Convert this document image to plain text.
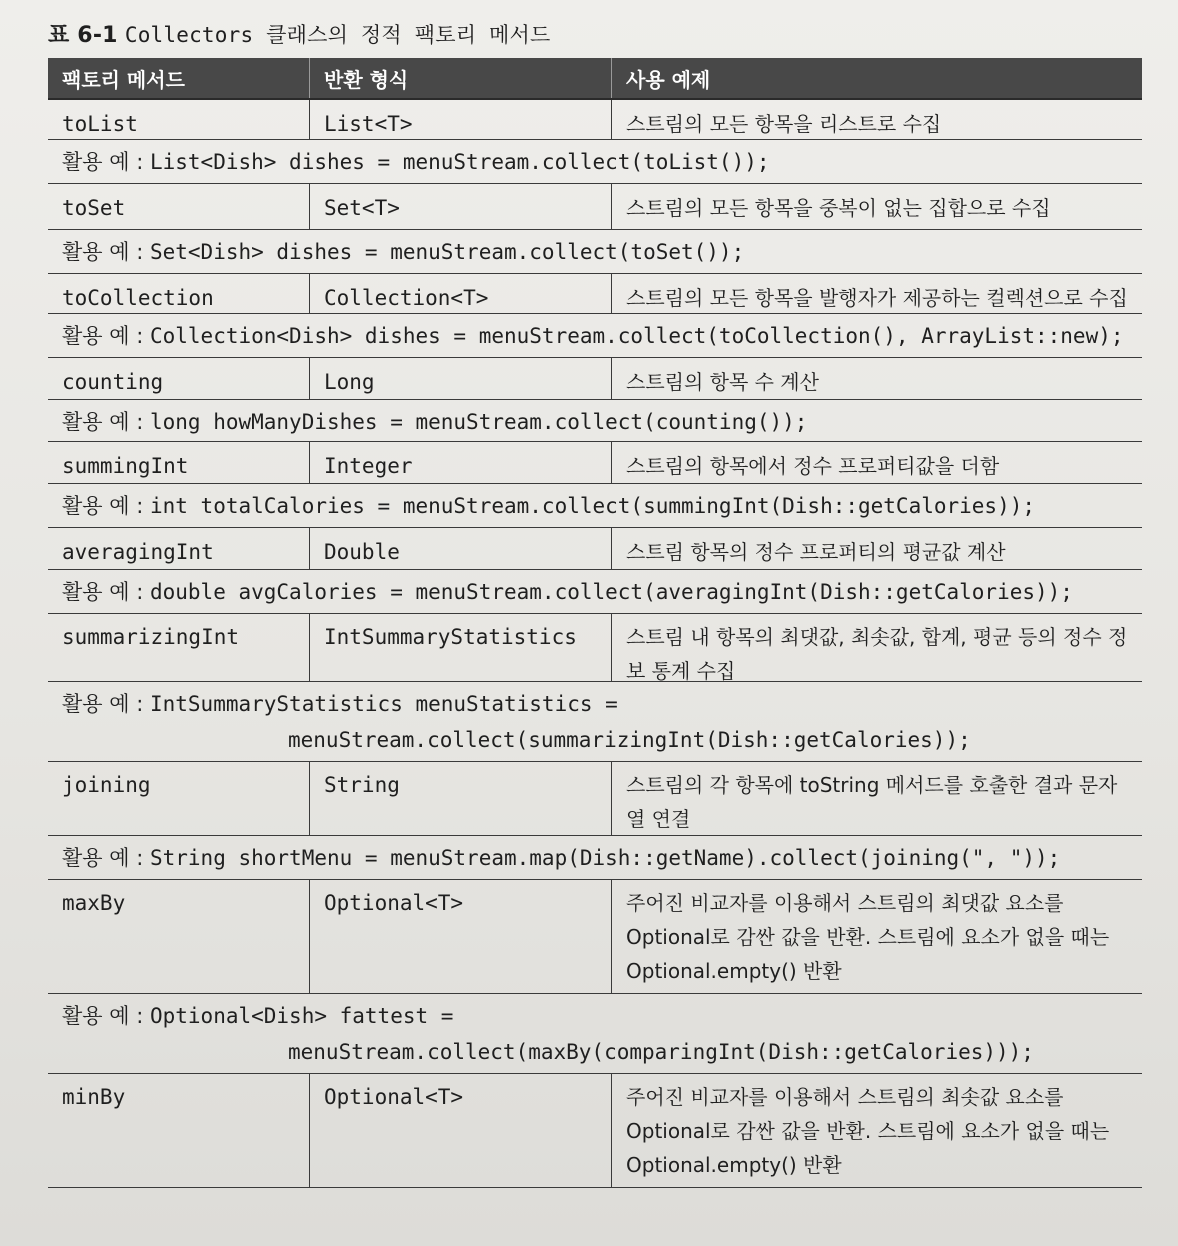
표 6-1 Collectors 클래스의 정적 팩토리 메서드
팩토리 메서드	반환 형식	사용 예제
toList	List<T>	스트림의 모든 항목을 리스트로 수집
활용 예 : List<Dish> dishes = menuStream.collect(toList());
toSet	Set<T>	스트림의 모든 항목을 중복이 없는 집합으로 수집
활용 예 : Set<Dish> dishes = menuStream.collect(toSet());
toCollection	Collection<T>	스트림의 모든 항목을 발행자가 제공하는 컬렉션으로 수집
활용 예 : Collection<Dish> dishes = menuStream.collect(toCollection(), ArrayList::new);
counting	Long	스트림의 항목 수 계산
활용 예 : long howManyDishes = menuStream.collect(counting());
summingInt	Integer	스트림의 항목에서 정수 프로퍼티값을 더함
활용 예 : int totalCalories = menuStream.collect(summingInt(Dish::getCalories));
averagingInt	Double	스트림 항목의 정수 프로퍼티의 평균값 계산
활용 예 : double avgCalories = menuStream.collect(averagingInt(Dish::getCalories));
summarizingInt	IntSummaryStatistics	스트림 내 항목의 최댓값, 최솟값, 합계, 평균 등의 정수 정보 통계 수집
활용 예 : IntSummaryStatistics menuStatistics =
menuStream.collect(summarizingInt(Dish::getCalories));
joining	String	스트림의 각 항목에 toString 메서드를 호출한 결과 문자열 연결
활용 예 : String shortMenu = menuStream.map(Dish::getName).collect(joining(", "));
maxBy	Optional<T>	주어진 비교자를 이용해서 스트림의 최댓값 요소를 Optional로 감싼 값을 반환. 스트림에 요소가 없을 때는 Optional.empty() 반환
활용 예 : Optional<Dish> fattest =
menuStream.collect(maxBy(comparingInt(Dish::getCalories)));
minBy	Optional<T>	주어진 비교자를 이용해서 스트림의 최솟값 요소를 Optional로 감싼 값을 반환. 스트림에 요소가 없을 때는 Optional.empty() 반환
